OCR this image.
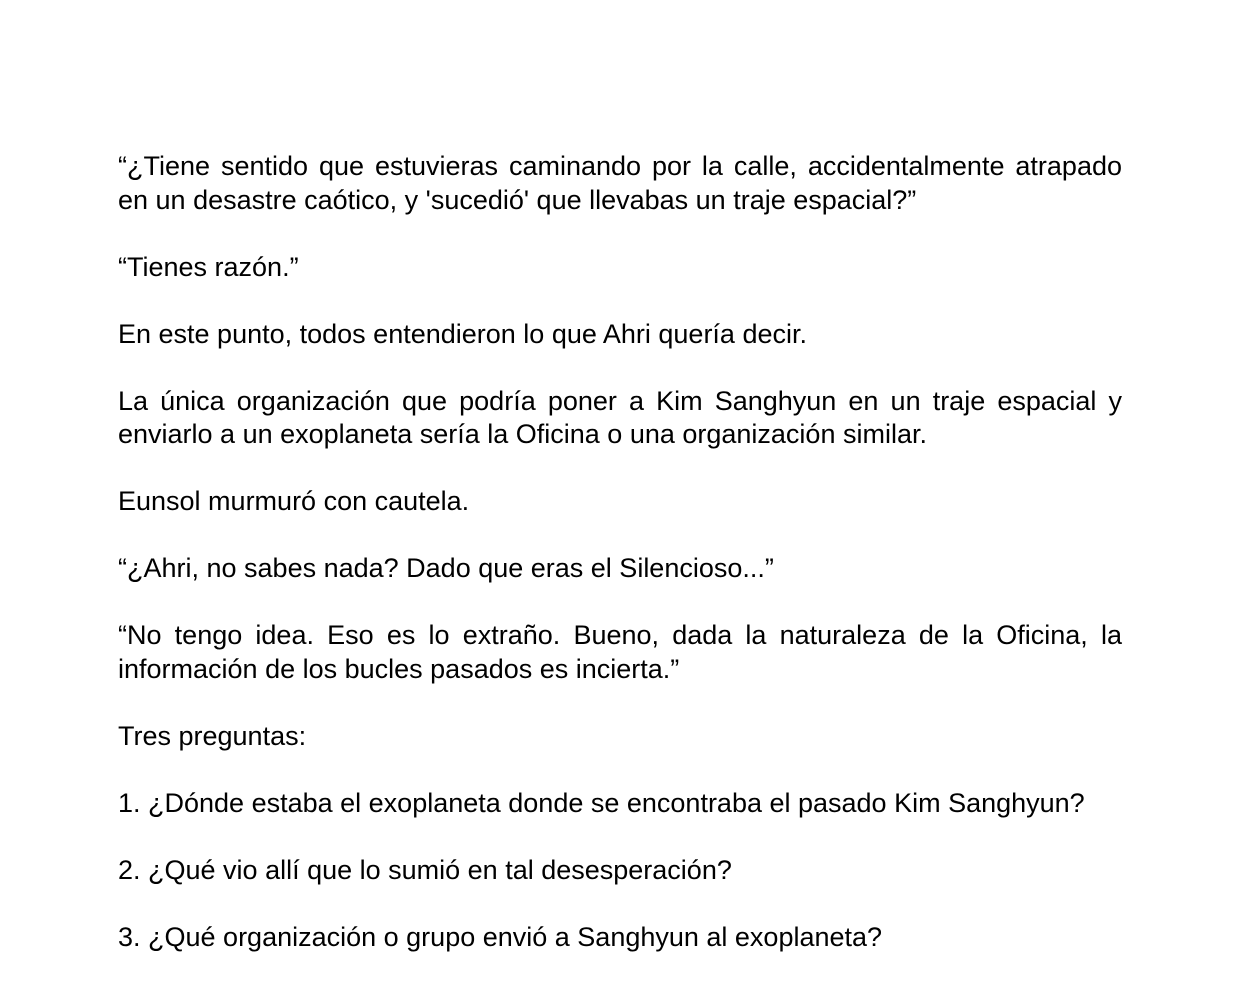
“¿Tiene sentido que estuvieras caminando por la calle, accidentalmente atrapado en un desastre caótico, y 'sucedió' que llevabas un traje espacial?”

“Tienes razón.”

En este punto, todos entendieron lo que Ahri quería decir.

La única organización que podría poner a Kim Sanghyun en un traje espacial y enviarlo a un exoplaneta sería la Oficina o una organización similar.

Eunsol murmuró con cautela.

“¿Ahri, no sabes nada? Dado que eras el Silencioso...”

“No tengo idea. Eso es lo extraño. Bueno, dada la naturaleza de la Oficina, la información de los bucles pasados es incierta.”

Tres preguntas:

1. ¿Dónde estaba el exoplaneta donde se encontraba el pasado Kim Sanghyun?

2. ¿Qué vio allí que lo sumió en tal desesperación?

3. ¿Qué organización o grupo envió a Sanghyun al exoplaneta?
